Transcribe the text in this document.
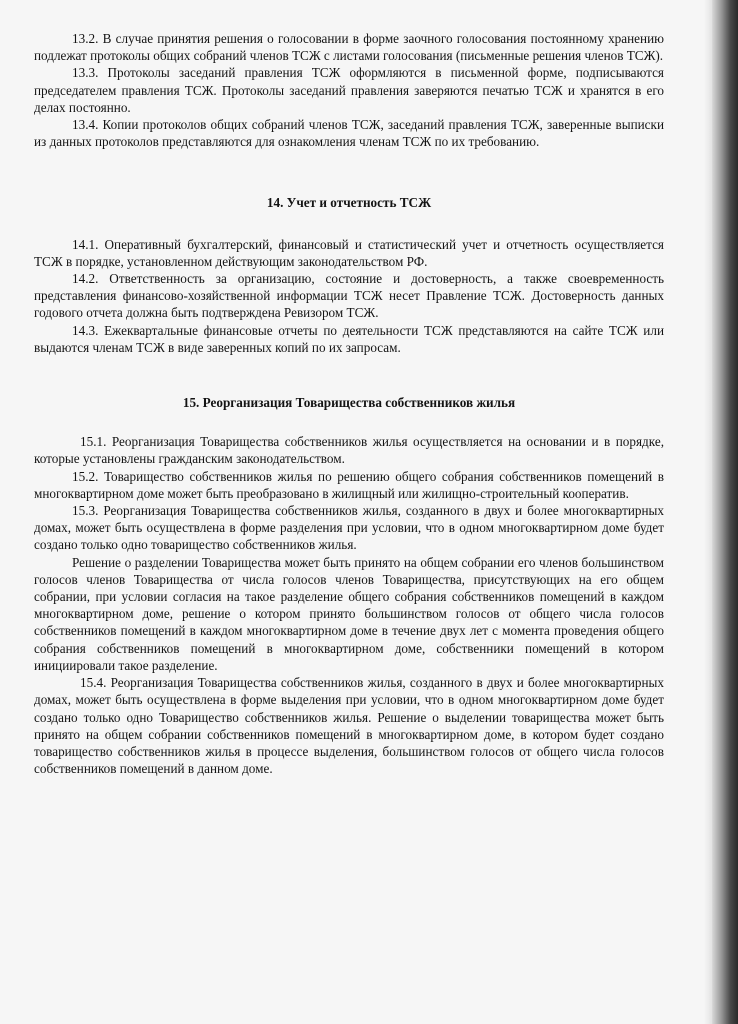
13.2. В случае принятия решения о голосовании в форме заочного голосования постоянному хранению подлежат протоколы общих собраний членов ТСЖ с листами голосования (письменные решения членов ТСЖ).

13.3. Протоколы заседаний правления ТСЖ оформляются в письменной форме, подписываются председателем правления ТСЖ. Протоколы заседаний правления заверяются печатью ТСЖ и хранятся в его делах постоянно.

13.4. Копии протоколов общих собраний членов ТСЖ, заседаний правления ТСЖ, заверенные выписки из данных протоколов представляются для ознакомления членам ТСЖ по их требованию.

14. Учет и отчетность ТСЖ

14.1. Оперативный бухгалтерский, финансовый и статистический учет и отчетность осуществляется ТСЖ в порядке, установленном действующим законодательством РФ.

14.2. Ответственность за организацию, состояние и достоверность, а также своевременность представления финансово-хозяйственной информации ТСЖ несет Правление ТСЖ. Достоверность данных годового отчета должна быть подтверждена Ревизором ТСЖ.

14.3. Ежеквартальные финансовые отчеты по деятельности ТСЖ представляются на сайте ТСЖ или выдаются членам ТСЖ в виде заверенных копий по их запросам.

15. Реорганизация Товарищества собственников жилья

15.1. Реорганизация Товарищества собственников жилья осуществляется на основании и в порядке, которые установлены гражданским законодательством.

15.2. Товарищество собственников жилья по решению общего собрания собственников помещений в многоквартирном доме может быть преобразовано в жилищный или жилищно-строительный кооператив.

15.3. Реорганизация Товарищества собственников жилья, созданного в двух и более многоквартирных домах, может быть осуществлена в форме разделения при условии, что в одном многоквартирном доме будет создано только одно товарищество собственников жилья.

Решение о разделении Товарищества может быть принято на общем собрании его членов большинством голосов членов Товарищества от числа голосов членов Товарищества, присутствующих на его общем собрании, при условии согласия на такое разделение общего собрания собственников помещений в каждом многоквартирном доме, решение о котором принято большинством голосов от общего числа голосов собственников помещений в каждом многоквартирном доме в течение двух лет с момента проведения общего собрания собственников помещений в многоквартирном доме, собственники помещений в котором инициировали такое разделение.

15.4. Реорганизация Товарищества собственников жилья, созданного в двух и более многоквартирных домах, может быть осуществлена в форме выделения при условии, что в одном многоквартирном доме будет создано только одно Товарищество собственников жилья. Решение о выделении товарищества может быть принято на общем собрании собственников помещений в многоквартирном доме, в котором будет создано товарищество собственников жилья в процессе выделения, большинством голосов от общего числа голосов собственников помещений в данном доме.
